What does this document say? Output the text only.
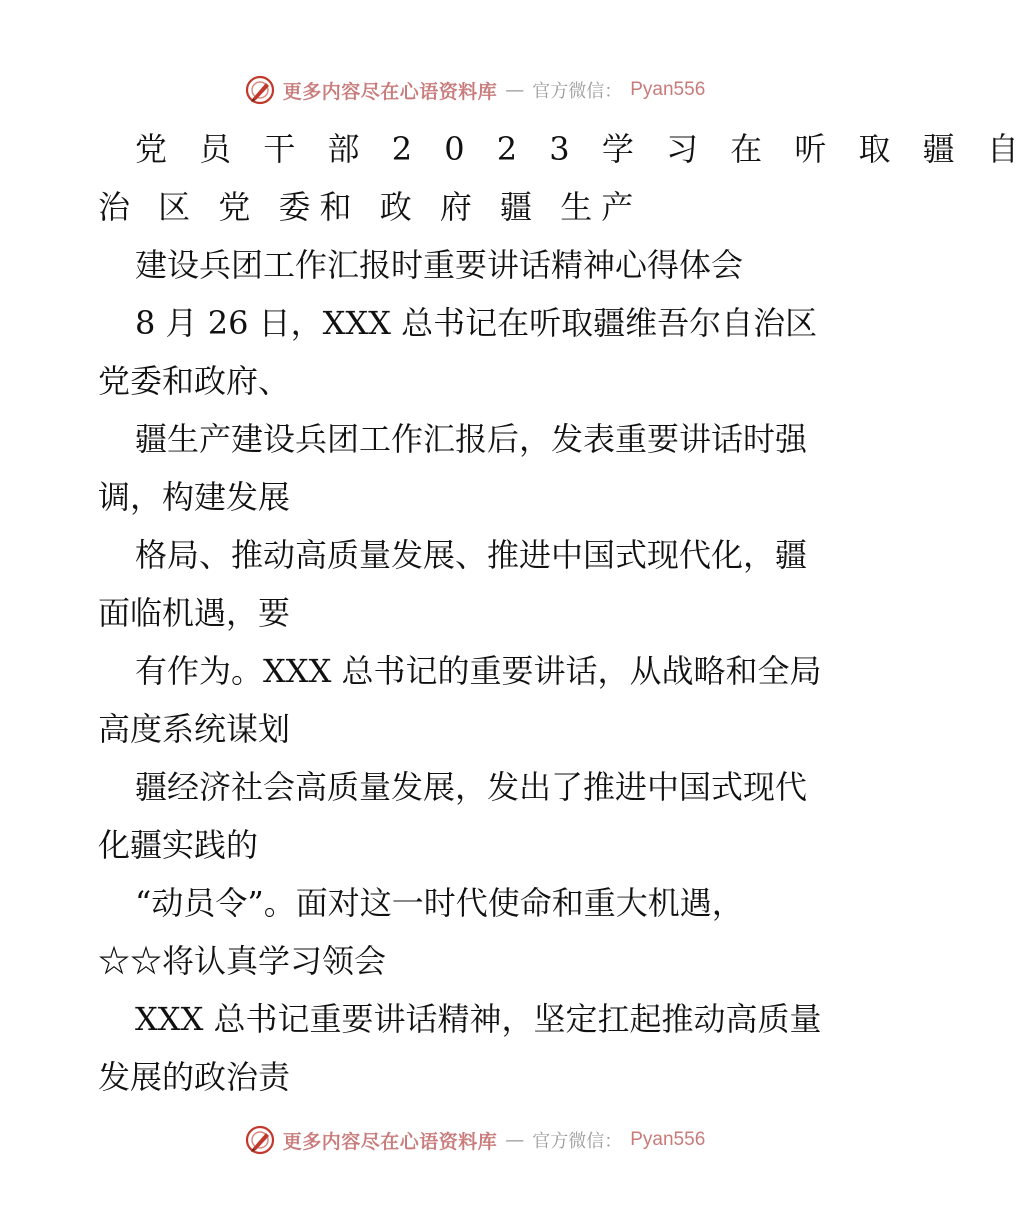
更多内容尽在心语资料库 — 官方微信： Pyan556
党 员 干 部 2 0 2 3 学 习 在 听 取 疆 自
治 区 党 委和 政 府 疆 生产
建设兵团工作汇报时重要讲话精神心得体会
8 月 26 日，XXX 总书记在听取疆维吾尔自治区
党委和政府、
疆生产建设兵团工作汇报后，发表重要讲话时强
调，构建发展
格局、推动高质量发展、推进中国式现代化，疆
面临机遇，要
有作为。XXX 总书记的重要讲话，从战略和全局
高度系统谋划
疆经济社会高质量发展，发出了推进中国式现代
化疆实践的
“动员令”。面对这一时代使命和重大机遇，
☆☆将认真学习领会
XXX 总书记重要讲话精神，坚定扛起推动高质量
发展的政治责
更多内容尽在心语资料库 — 官方微信： Pyan556
